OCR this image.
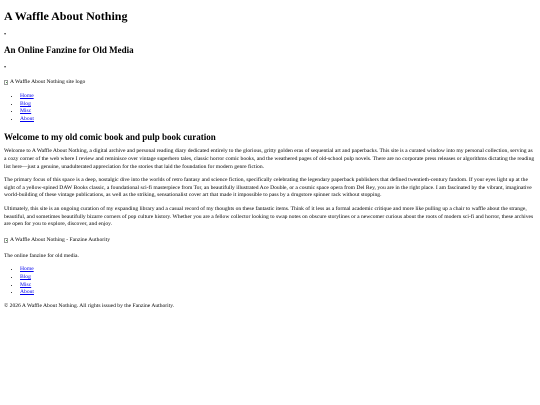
A Waffle About Nothing
•
An Online Fanzine for Old Media
•
A Waffle About Nothing site logo
• Home
• Blog
• Misc
• About
Welcome to my old comic book and pulp book curation

Welcome to A Waffle About Nothing, a digital archive and personal reading diary dedicated entirely to the glorious, gritty golden eras of sequential art and paperbacks. This site is a curated window into my personal collection, serving as a cozy corner of the web where I review and reminisce over vintage superhero tales, classic horror comic books, and the weathered pages of old-school pulp novels. There are no corporate press releases or algorithms dictating the reading list here—just a genuine, unadulterated appreciation for the stories that laid the foundation for modern genre fiction.

The primary focus of this space is a deep, nostalgic dive into the worlds of retro fantasy and science fiction, specifically celebrating the legendary paperback publishers that defined twentieth-century fandom. If your eyes light up at the sight of a yellow-spined DAW Books classic, a foundational sci-fi masterpiece from Tor, an beautifully illustrated Ace Double, or a cosmic space opera from Del Rey, you are in the right place. I am fascinated by the vibrant, imaginative world-building of these vintage publications, as well as the striking, sensationalist cover art that made it impossible to pass by a drugstore spinner rack without stopping.

Ultimately, this site is an ongoing curation of my expanding library and a casual record of my thoughts on these fantastic items. Think of it less as a formal academic critique and more like pulling up a chair to waffle about the strange, beautiful, and sometimes beautifully bizarre corners of pop culture history. Whether you are a fellow collector looking to swap notes on obscure storylines or a newcomer curious about the roots of modern sci-fi and horror, these archives are open for you to explore, discover, and enjoy.

A Waffle About Nothing - Fanzine Authority

The online fanzine for old media.

• Home
• Blog
• Misc
• About

© 2026 A Waffle About Nothing. All rights issued by the Fanzine Authority.
